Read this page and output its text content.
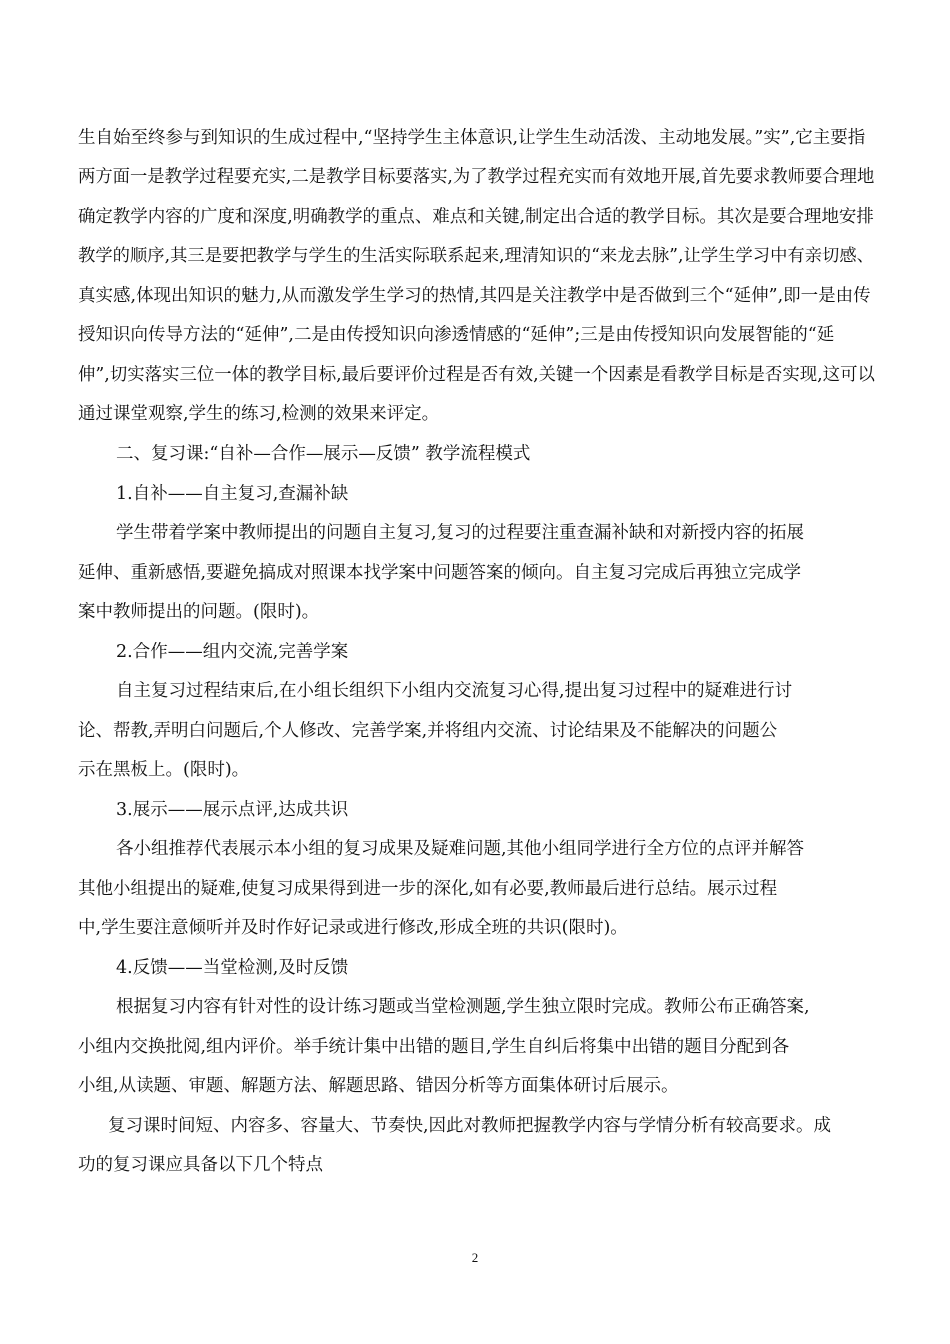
生自始至终参与到知识的生成过程中,“坚持学生主体意识,让学生生动活泼、主动地发展。”实”,它主要指
两方面一是教学过程要充实,二是教学目标要落实,为了教学过程充实而有效地开展,首先要求教师要合理地
确定教学内容的广度和深度,明确教学的重点、难点和关键,制定出合适的教学目标。其次是要合理地安排
教学的顺序,其三是要把教学与学生的生活实际联系起来,理清知识的“来龙去脉”,让学生学习中有亲切感、
真实感,体现出知识的魅力,从而激发学生学习的热情,其四是关注教学中是否做到三个“延伸”,即一是由传
授知识向传导方法的“延伸”,二是由传授知识向渗透情感的“延伸”;三是由传授知识向发展智能的“延
伸”,切实落实三位一体的教学目标,最后要评价过程是否有效,关键一个因素是看教学目标是否实现,这可以
通过课堂观察,学生的练习,检测的效果来评定。
二、复习课:“自补—合作—展示—反馈” 教学流程模式
1.自补——自主复习,查漏补缺
学生带着学案中教师提出的问题自主复习,复习的过程要注重查漏补缺和对新授内容的拓展
延伸、重新感悟,要避免搞成对照课本找学案中问题答案的倾向。自主复习完成后再独立完成学
案中教师提出的问题。(限时)。
2.合作——组内交流,完善学案
自主复习过程结束后,在小组长组织下小组内交流复习心得,提出复习过程中的疑难进行讨
论、帮教,弄明白问题后,个人修改、完善学案,并将组内交流、讨论结果及不能解决的问题公
示在黑板上。(限时)。
3.展示——展示点评,达成共识
各小组推荐代表展示本小组的复习成果及疑难问题,其他小组同学进行全方位的点评并解答
其他小组提出的疑难,使复习成果得到进一步的深化,如有必要,教师最后进行总结。展示过程
中,学生要注意倾听并及时作好记录或进行修改,形成全班的共识(限时)。
4.反馈——当堂检测,及时反馈
根据复习内容有针对性的设计练习题或当堂检测题,学生独立限时完成。教师公布正确答案,
小组内交换批阅,组内评价。举手统计集中出错的题目,学生自纠后将集中出错的题目分配到各
小组,从读题、审题、解题方法、解题思路、错因分析等方面集体研讨后展示。
复习课时间短、内容多、容量大、节奏快,因此对教师把握教学内容与学情分析有较高要求。成
功的复习课应具备以下几个特点
2
